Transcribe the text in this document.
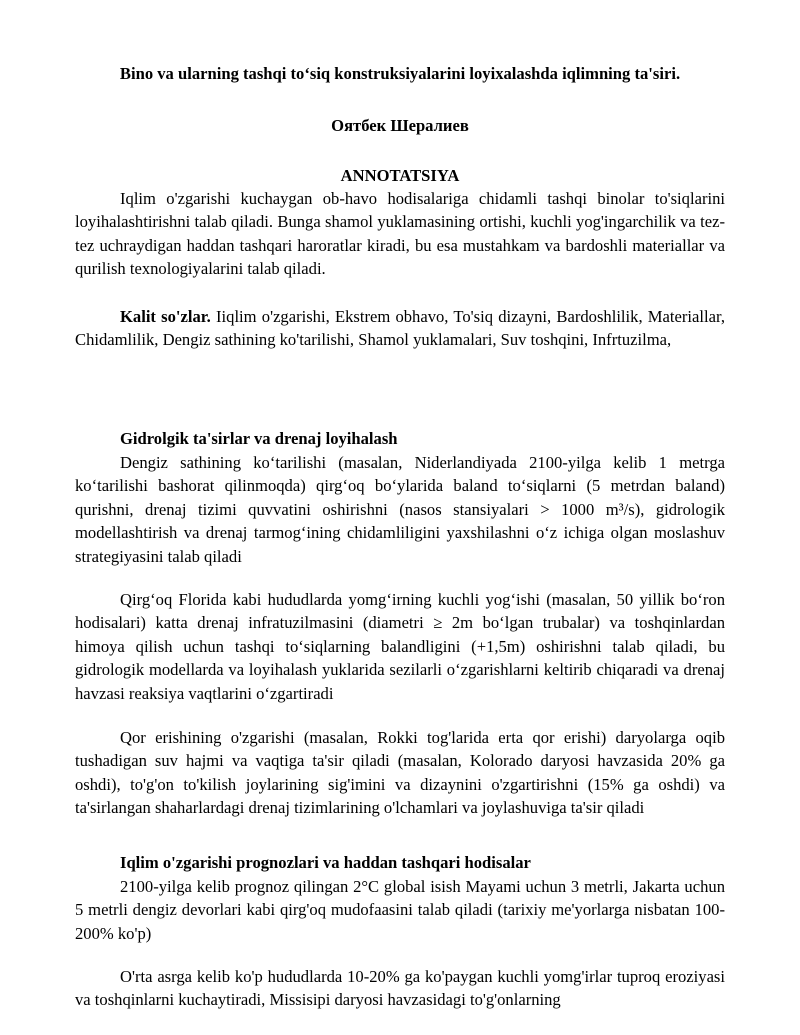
Bino va ularning tashqi to‘siq konstruksiyalarini loyixalashda iqlimning ta'siri.
Оятбек Шералиев
ANNOTATSIYA

Iqlim o'zgarishi kuchaygan ob-havo hodisalariga chidamli tashqi binolar to'siqlarini loyihalashtirishni talab qiladi. Bunga shamol yuklamasining ortishi, kuchli yog'ingarchilik va tez-tez uchraydigan haddan tashqari haroratlar kiradi, bu esa mustahkam va bardoshli materiallar va qurilish texnologiyalarini talab qiladi.

Kalit so'zlar. Iiqlim o'zgarishi, Ekstrem obhavo, To'siq dizayni, Bardoshlilik, Materiallar, Chidamlilik, Dengiz sathining ko'tarilishi, Shamol yuklamalari, Suv toshqini, Infrtuzilma,

Gidrolgik ta'sirlar va drenaj loyihalash

Dengiz sathining ko‘tarilishi (masalan, Niderlandiyada 2100-yilga kelib 1 metrga ko‘tarilishi bashorat qilinmoqda) qirg‘oq bo‘ylarida baland to‘siqlarni (5 metrdan baland) qurishni, drenaj tizimi quvvatini oshirishni (nasos stansiyalari > 1000 m³/s), gidrologik modellashtirish va drenaj tarmog‘ining chidamliligini yaxshilashni o‘z ichiga olgan moslashuv strategiyasini talab qiladi

Qirg‘oq Florida kabi hududlarda yomg‘irning kuchli yog‘ishi (masalan, 50 yillik bo‘ron hodisalari) katta drenaj infratuzilmasini (diametri ≥ 2m bo‘lgan trubalar) va toshqinlardan himoya qilish uchun tashqi to‘siqlarning balandligini (+1,5m) oshirishni talab qiladi, bu gidrologik modellarda va loyihalash yuklarida sezilarli o‘zgarishlarni keltirib chiqaradi va drenaj havzasi reaksiya vaqtlarini o‘zgartiradi

Qor erishining o'zgarishi (masalan, Rokki tog'larida erta qor erishi) daryolarga oqib tushadigan suv hajmi va vaqtiga ta'sir qiladi (masalan, Kolorado daryosi havzasida 20% ga oshdi), to'g'on to'kilish joylarining sig'imini va dizaynini o'zgartirishni (15% ga oshdi) va ta'sirlangan shaharlardagi drenaj tizimlarining o'lchamlari va joylashuviga ta'sir qiladi

Iqlim o'zgarishi prognozlari va haddan tashqari hodisalar

2100-yilga kelib prognoz qilingan 2°C global isish Mayami uchun 3 metrli, Jakarta uchun 5 metrli dengiz devorlari kabi qirg'oq mudofaasini talab qiladi (tarixiy me'yorlarga nisbatan 100-200% ko'p)

O'rta asrga kelib ko'p hududlarda 10-20% ga ko'paygan kuchli yomg'irlar tuproq eroziyasi va toshqinlarni kuchaytiradi, Missisipi daryosi havzasidagi to'g'onlarning
